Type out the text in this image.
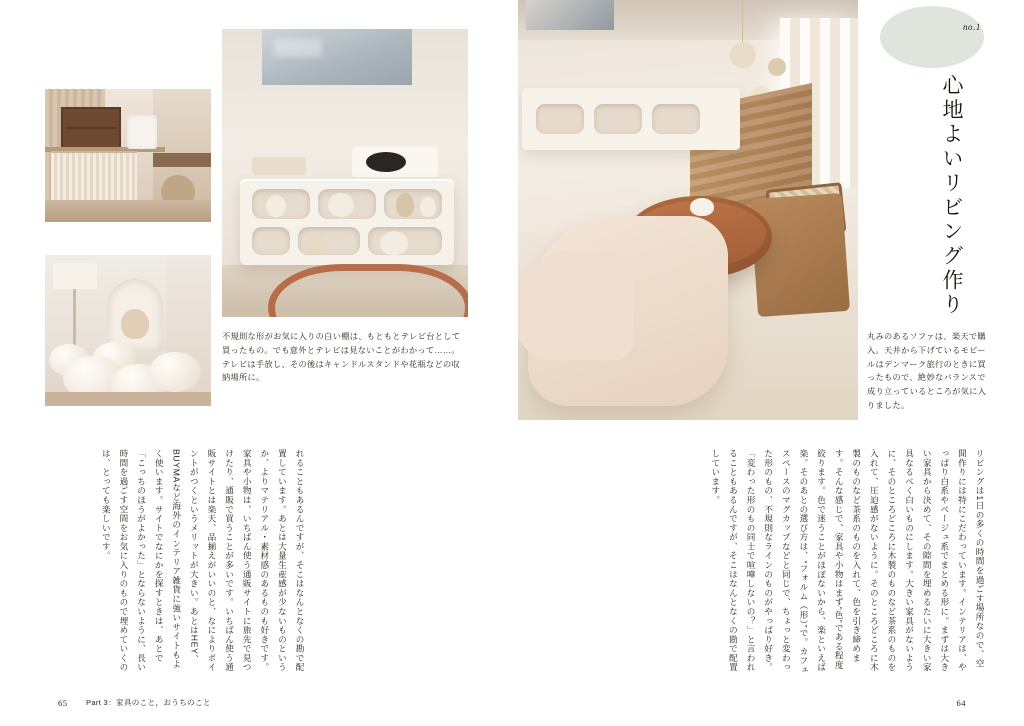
不規則な形がお気に入りの白い棚は、もともとテレビ台として買ったもの。でも意外とテレビは見ないことがわかって……。テレビは手放し、その後はキャンドルスタンドや花瓶などの収納場所に。
no.1
心地よいリビング作り
丸みのあるソファは、楽天で購入。天井から下げているモビールはデンマーク旅行のときに買ったもので、絶妙なバランスで成り立っているところが気に入りました。
リビングは1日の多くの時間を過ごす場所なので、空間作りには特にこだわっています。インテリアは、やっぱり白系やベージュ系でまとめる形に。まずは大きい家具から決めて、その隙間を埋めるたいに大きい家具なるべく白いものにします。大きい家具がないように、そのところどころに木製のものなど茶系のものを入れて、圧迫感がないように。そのところどころに木製のものなど茶系のものを入れて、色を引き締めます。そんな感じで、家具や小物はまず“色”である程度絞ります。色で迷うことがほぼないから、楽といえば楽。そのあとの選び方は、“フォルム（形）”で。カフェスペースのマグカップなどと同じで、ちょっと変わった形のもの、不規則なラインのものがやっぱり好き。「変わった形のもの同士で喧嘩しないの？」と言われることもあるんですが、そこはなんとなくの勘で配置しています。
れることもあるんですが、そこはなんとなくの勘で配置しています。あとは大量生産感が少ないものというか、よりマテリアル・素材感のあるものも好きです。家具や小物は、いちばん使う通販サイトに旅先で見つけたり、通販で買うことが多いです。いちばん使う通販サイトとは楽天、品揃えがいいのと、なによりポイントがつくというメリットが大きい。あとはHEY、BUYMAなど海外のインテリア雑貨に強いサイトもよく使います。サイトでなにかを探すときは、あとで「こっちのほうがよかった」とならないように、長い時間を過ごす空間をお気に入りのもので埋めていくのは、とっても楽しいです。
65 Part 3：家具のこと，おうちのこと	64
